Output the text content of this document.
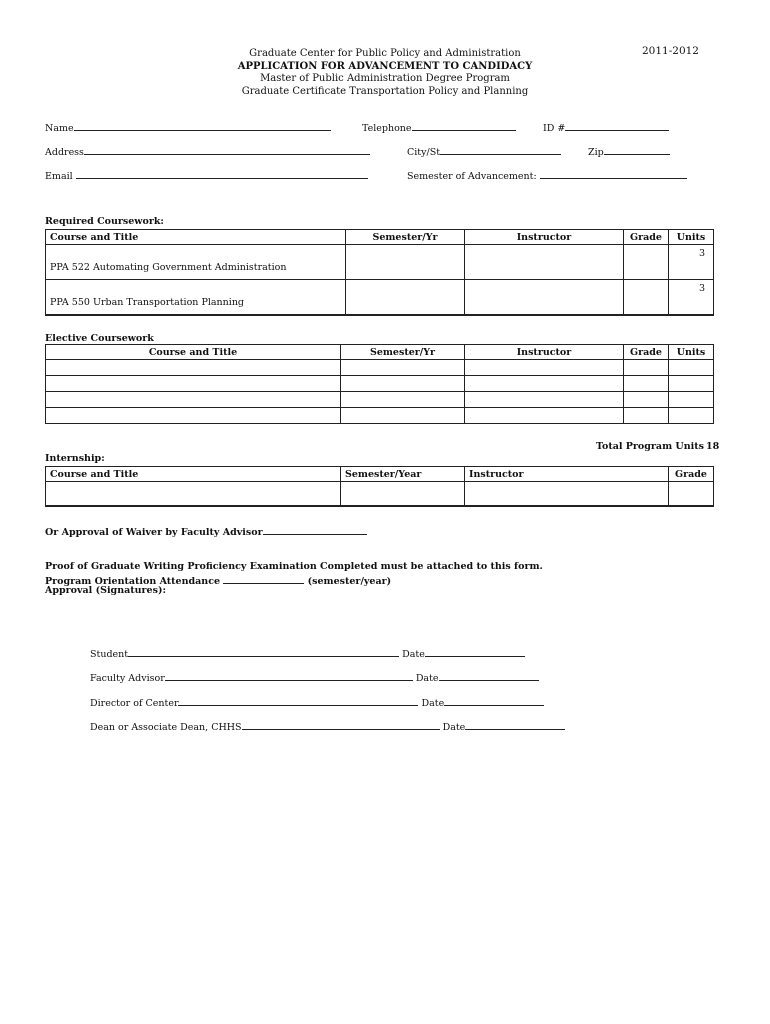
2011-2012
Graduate Center for Public Policy and Administration
APPLICATION FOR ADVANCEMENT TO CANDIDACY
Master of Public Administration Degree Program
Graduate Certificate Transportation Policy and Planning
Name	Telephone	ID #
Address	City/St	Zip
Email	Semester of Advancement:
Required Coursework:
Course and Title	Semester/Yr	Instructor	Grade	Units
PPA 522 Automating Government Administration				3
PPA 550 Urban Transportation Planning				3
Elective Coursework
Course and Title	Semester/Yr	Instructor	Grade	Units

Total Program Units 18
Internship:
Course and Title	Semester/Year	Instructor	Grade

Or Approval of Waiver by Faculty Advisor
Proof of Graduate Writing Proficiency Examination Completed must be attached to this form.
Program Orientation Attendance	(semester/year)
Approval (Signatures):
Student	Date
Faculty Advisor	Date
Director of Center	Date
Dean or Associate Dean, CHHS	Date
